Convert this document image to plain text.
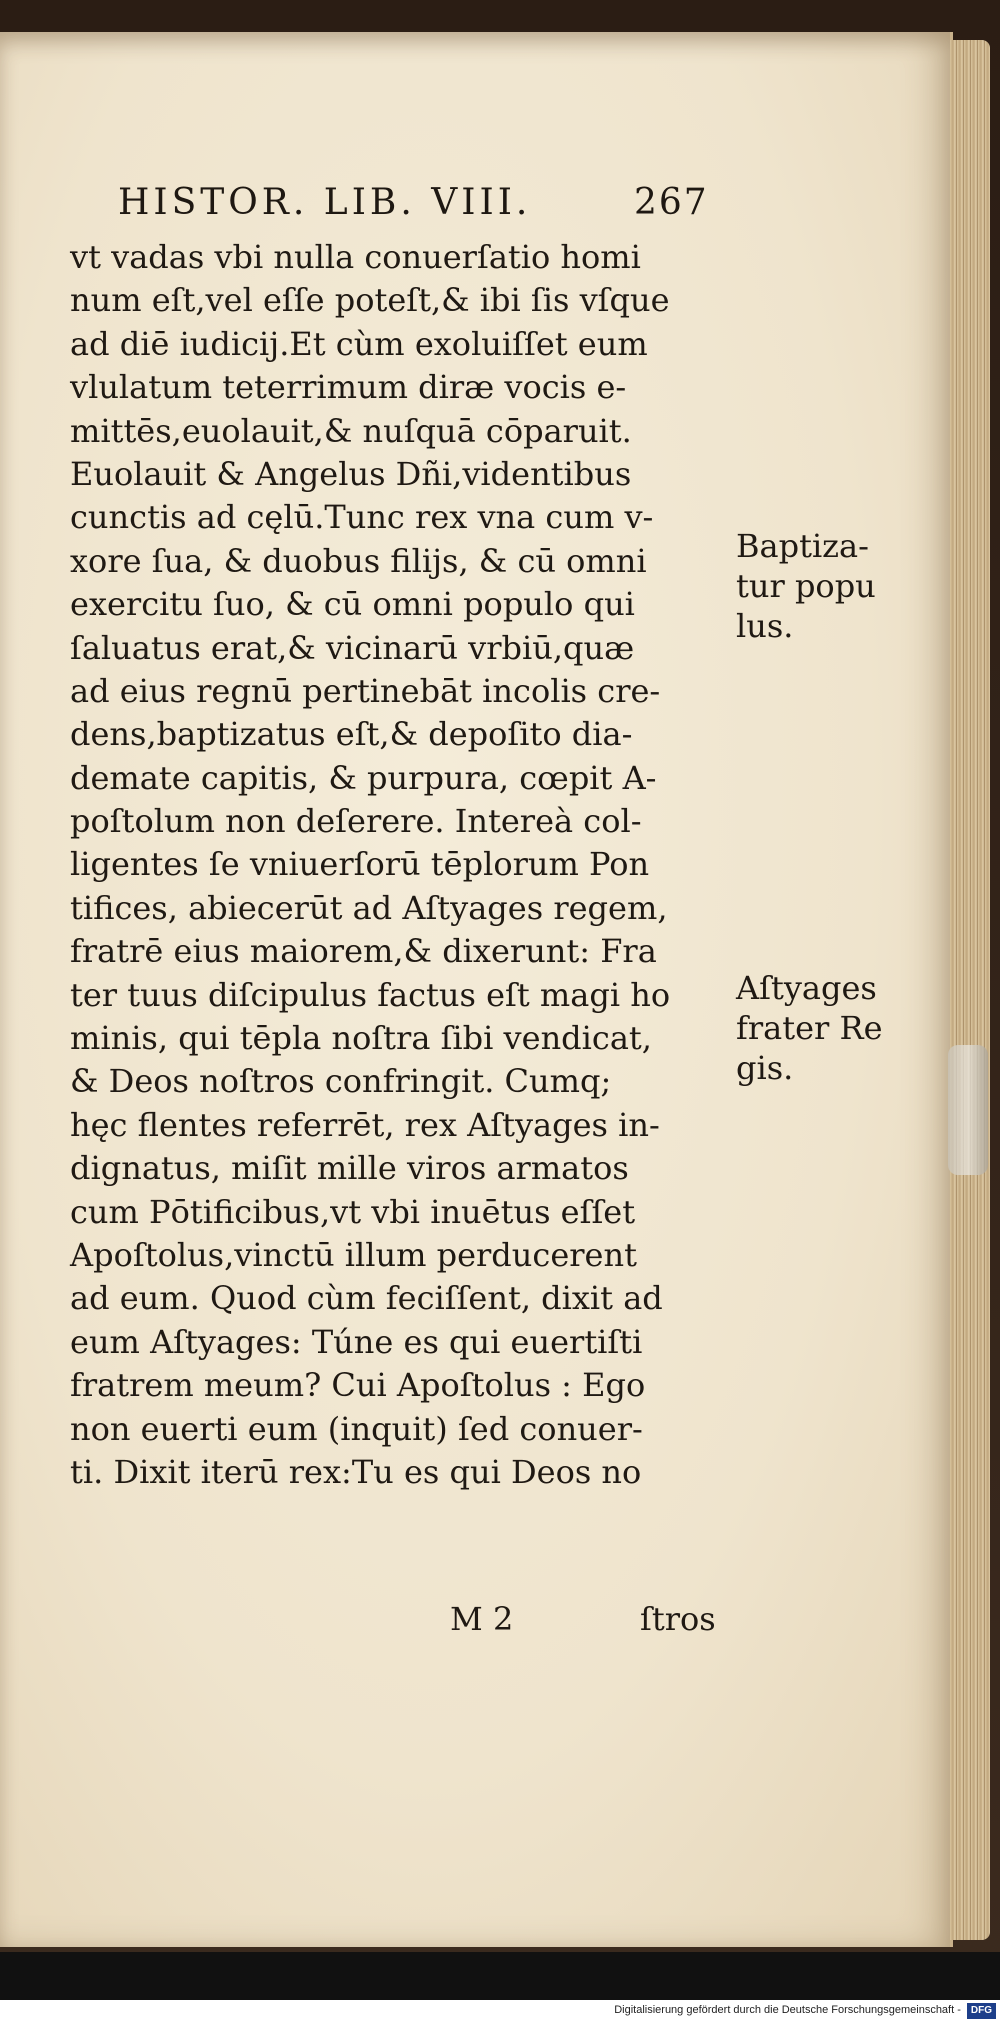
HISTOR. LIB. VIII.	267
vt vadas vbi nulla conuerſatio homi
num eſt,vel eſſe poteſt,& ibi ſis vſque
ad diē iudicij.Et cùm exoluiſſet eum
vlulatum teterrimum diræ vocis e-
mittēs,euolauit,& nuſquā cōparuit.
Euolauit & Angelus Dñi,videntibus
cunctis ad cęlū.Tunc rex vna cum v-
xore ſua, & duobus filijs, & cū omni
exercitu ſuo, & cū omni populo qui
ſaluatus erat,& vicinarū vrbiū,quæ
ad eius regnū pertinebāt incolis cre-
dens,baptizatus eſt,& depoſito dia-
demate capitis, & purpura, cœpit A-
poſtolum non deſerere. Intereà col-
ligentes ſe vniuerſorū tēplorum Pon
tifices, abiecerūt ad Aſtyages regem,
fratrē eius maiorem,& dixerunt: Fra
ter tuus diſcipulus factus eſt magi ho
minis, qui tēpla noſtra ſibi vendicat,
& Deos noſtros confringit. Cumq;
hęc flentes referrēt, rex Aſtyages in-
dignatus, miſit mille viros armatos
cum Pōtificibus,vt vbi inuētus eſſet
Apoſtolus,vinctū illum perducerent
ad eum. Quod cùm feciſſent, dixit ad
eum Aſtyages: Túne es qui euertiſti
fratrem meum? Cui Apoſtolus : Ego
non euerti eum (inquit) ſed conuer-
ti. Dixit iterū rex:Tu es qui Deos no
Baptiza-
tur popu
lus.
Aſtyages
frater Re
gis.
M 2	ſtros
Digitalisierung gefördert durch die Deutsche Forschungsgemeinschaft - DFG
